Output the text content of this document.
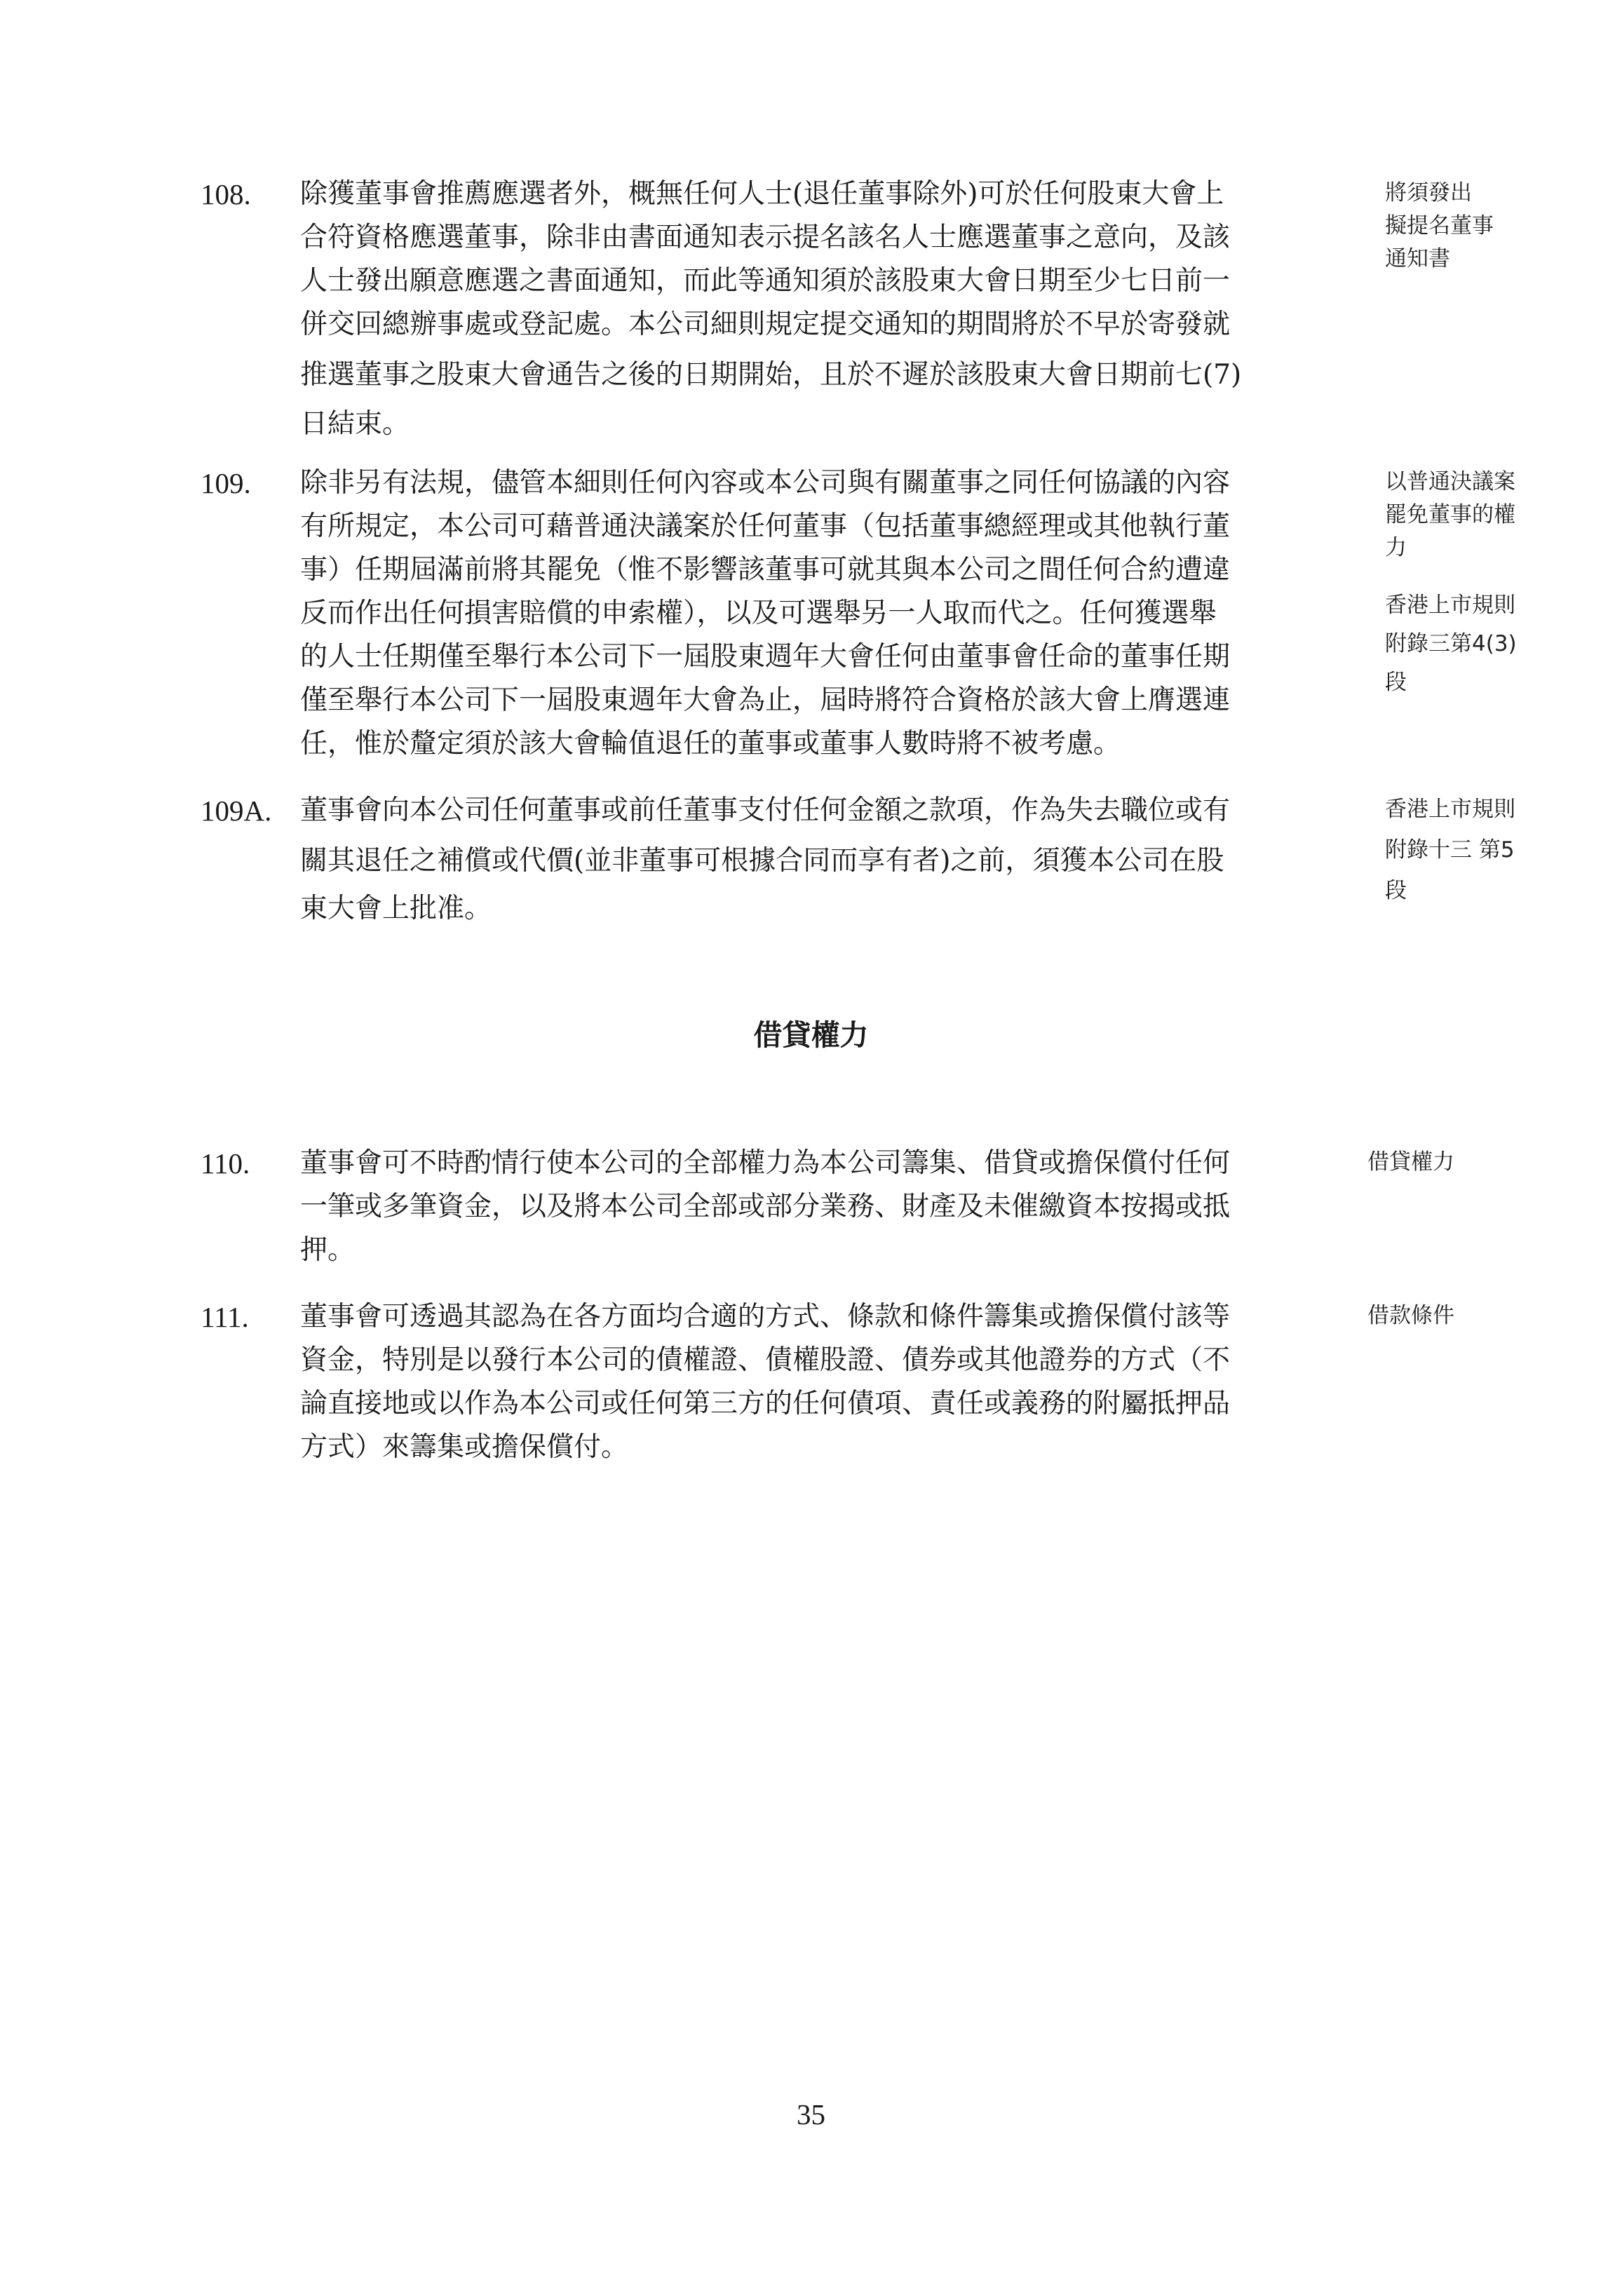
108. 除獲董事會推薦應選者外，概無任何人士(退任董事除外)可於任何股東大會上
合符資格應選董事，除非由書面通知表示提名該名人士應選董事之意向，及該
人士發出願意應選之書面通知，而此等通知須於該股東大會日期至少七日前一
併交回總辦事處或登記處。本公司細則規定提交通知的期間將於不早於寄發就
推選董事之股東大會通告之後的日期開始，且於不遲於該股東大會日期前七(7)
日結束。
將須發出
擬提名董事
通知書
109. 除非另有法規，儘管本細則任何內容或本公司與有關董事之同任何協議的內容
有所規定，本公司可藉普通決議案於任何董事（包括董事總經理或其他執行董
事）任期屆滿前將其罷免（惟不影響該董事可就其與本公司之間任何合約遭違
反而作出任何損害賠償的申索權），以及可選舉另一人取而代之。任何獲選舉
的人士任期僅至舉行本公司下一屆股東週年大會任何由董事會任命的董事任期
僅至舉行本公司下一屆股東週年大會為止，屆時將符合資格於該大會上膺選連
任，惟於釐定須於該大會輪值退任的董事或董事人數時將不被考慮。
以普通決議案
罷免董事的權
力
香港上市規則
附錄三第4(3)
段
109A. 董事會向本公司任何董事或前任董事支付任何金額之款項，作為失去職位或有
關其退任之補償或代價(並非董事可根據合同而享有者)之前，須獲本公司在股
東大會上批准。
香港上市規則
附錄十三 第5
段
借貸權力
110. 董事會可不時酌情行使本公司的全部權力為本公司籌集、借貸或擔保償付任何
一筆或多筆資金，以及將本公司全部或部分業務、財產及未催繳資本按揭或抵
押。
借貸權力
111. 董事會可透過其認為在各方面均合適的方式、條款和條件籌集或擔保償付該等
資金，特別是以發行本公司的債權證、債權股證、債券或其他證券的方式（不
論直接地或以作為本公司或任何第三方的任何債項、責任或義務的附屬抵押品
方式）來籌集或擔保償付。
借款條件
35
